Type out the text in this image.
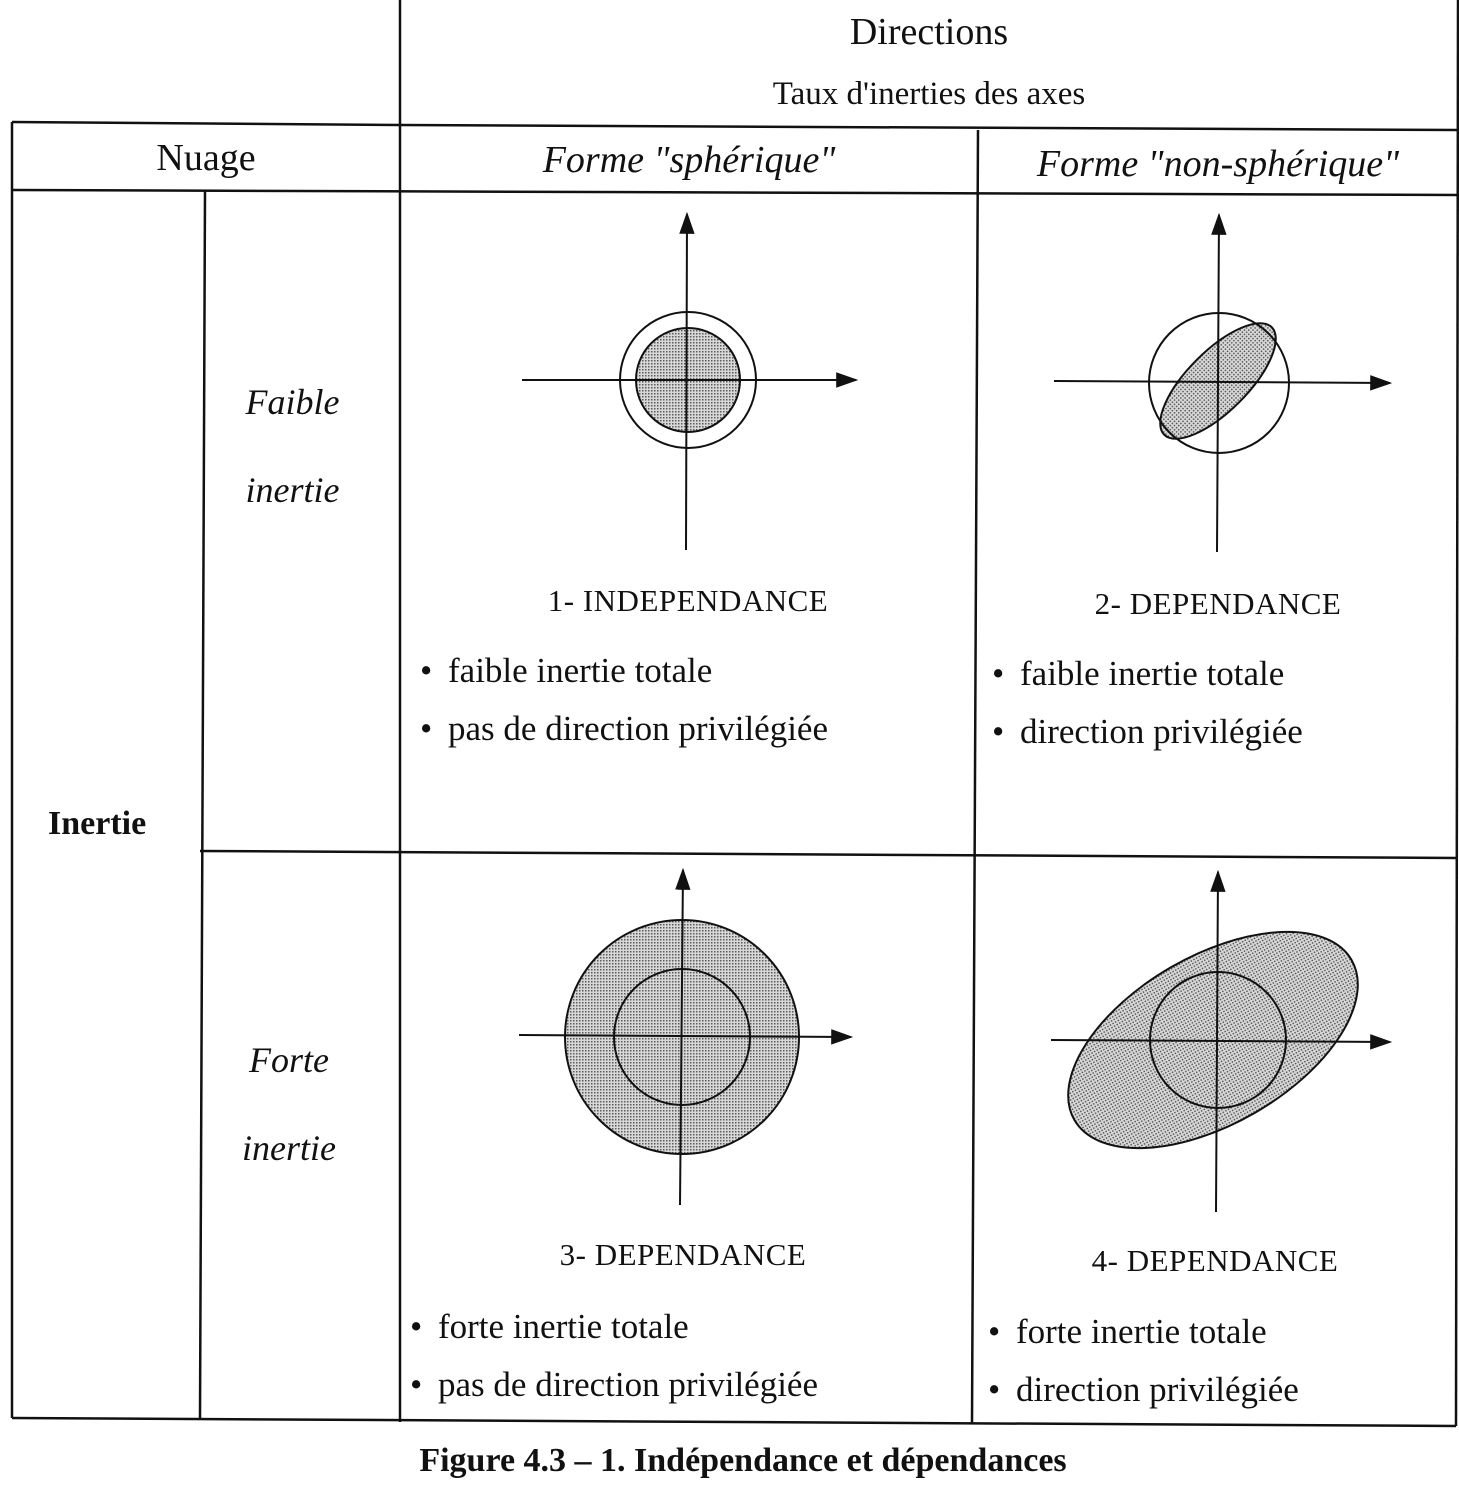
Directions
Taux d'inerties des axes
Nuage	Forme "sphérique"	Forme "non-sphérique"
Inertie
Faible
inertie
Forte
inertie
1- INDEPENDANCE
• faible inertie totale
• pas de direction privilégiée
2- DEPENDANCE
• faible inertie totale
• direction privilégiée
3- DEPENDANCE
• forte inertie totale
• pas de direction privilégiée
4- DEPENDANCE
• forte inertie totale
• direction privilégiée
Figure 4.3 – 1. Indépendance et dépendances
